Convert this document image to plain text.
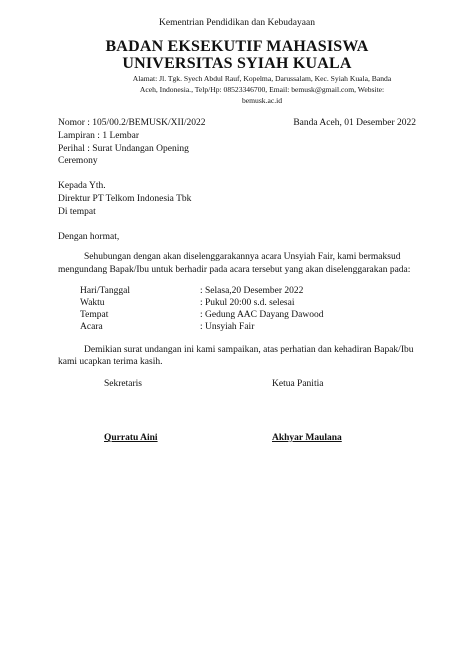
Kementrian Pendidikan dan Kebudayaan
BADAN EKSEKUTIF MAHASISWA
UNIVERSITAS SYIAH KUALA
Alamat: Jl. Tgk. Syech Abdul Rauf, Kopelma, Darussalam, Kec. Syiah Kuala, Banda
Aceh, Indonesia., Telp/Hp: 08523346700, Email: bemusk@gmail.com, Website:
bemusk.ac.id
Nomor : 105/00.2/BEMUSK/XII/2022	Banda Aceh, 01 Desember 2022
Lampiran : 1 Lembar
Perihal : Surat Undangan Opening
Ceremony
Kepada Yth.
Direktur PT Telkom Indonesia Tbk
Di tempat
Dengan hormat,
Sehubungan dengan akan diselenggarakannya acara Unsyiah Fair, kami bermaksud
mengundang Bapak/Ibu untuk berhadir pada acara tersebut yang akan diselenggarakan pada:
Hari/Tanggal	: Selasa,20 Desember 2022
Waktu	: Pukul 20:00 s.d. selesai
Tempat	: Gedung AAC Dayang Dawood
Acara	: Unsyiah Fair
Demikian surat undangan ini kami sampaikan, atas perhatian dan kehadiran Bapak/Ibu
kami ucapkan terima kasih.
Sekretaris	Ketua Panitia
Qurratu Aini	Akhyar Maulana
